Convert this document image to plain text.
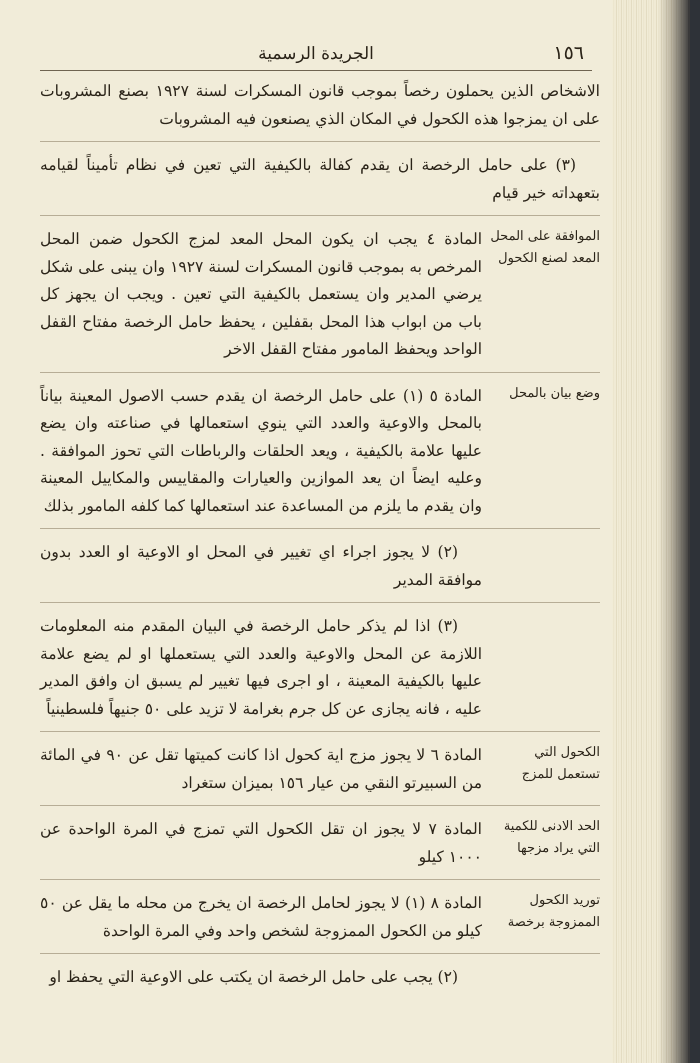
الجريدة الرسمية	١٥٦
الاشخاص الذين يحملون رخصاً بموجب قانون المسكرات لسنة ١٩٢٧ بصنع المشروبات على ان يمزجوا هذه الكحول في المكان الذي يصنعون فيه المشروبات
(٣) على حامل الرخصة ان يقدم كفالة بالكيفية التي تعين في نظام تأميناً لقيامه بتعهداته خير قيام
الموافقة على المحل المعد لصنع الكحول
المادة ٤ يجب ان يكون المحل المعد لمزج الكحول ضمن المحل المرخص به بموجب قانون المسكرات لسنة ١٩٢٧ وان يبنى على شكل يرضي المدير وان يستعمل بالكيفية التي تعين . ويجب ان يجهز كل باب من ابواب هذا المحل بقفلين ، يحفظ حامل الرخصة مفتاح القفل الواحد ويحفظ المامور مفتاح القفل الاخر
وضع بيان بالمحل
المادة ٥ (١) على حامل الرخصة ان يقدم حسب الاصول المعينة بياناً بالمحل والاوعية والعدد التي ينوي استعمالها في صناعته وان يضع عليها علامة بالكيفية ، ويعد الحلقات والرباطات التي تحوز الموافقة . وعليه ايضاً ان يعد الموازين والعيارات والمقاييس والمكاييل المعينة وان يقدم ما يلزم من المساعدة عند استعمالها كما كلفه المامور بذلك
(٢) لا يجوز اجراء اي تغيير في المحل او الاوعية او العدد بدون موافقة المدير
(٣) اذا لم يذكر حامل الرخصة في البيان المقدم منه المعلومات اللازمة عن المحل والاوعية والعدد التي يستعملها او لم يضع علامة عليها بالكيفية المعينة ، او اجرى فيها تغيير لم يسبق ان وافق المدير عليه ، فانه يجازى عن كل جرم بغرامة لا تزيد على ٥٠ جنيهاً فلسطينياً
الكحول التي تستعمل للمزج
المادة ٦ لا يجوز مزج اية كحول اذا كانت كميتها تقل عن ٩٠ في المائة من السبيرتو النقي من عيار ١٥٦ بميزان ستغراد
الحد الادنى للكمية التي يراد مزجها
المادة ٧ لا يجوز ان تقل الكحول التي تمزج في المرة الواحدة عن ١٠٠٠ كيلو
توريد الكحول الممزوجة برخصة
المادة ٨ (١) لا يجوز لحامل الرخصة ان يخرج من محله ما يقل عن ٥٠ كيلو من الكحول الممزوجة لشخص واحد وفي المرة الواحدة
(٢) يجب على حامل الرخصة ان يكتب على الاوعية التي يحفظ او
